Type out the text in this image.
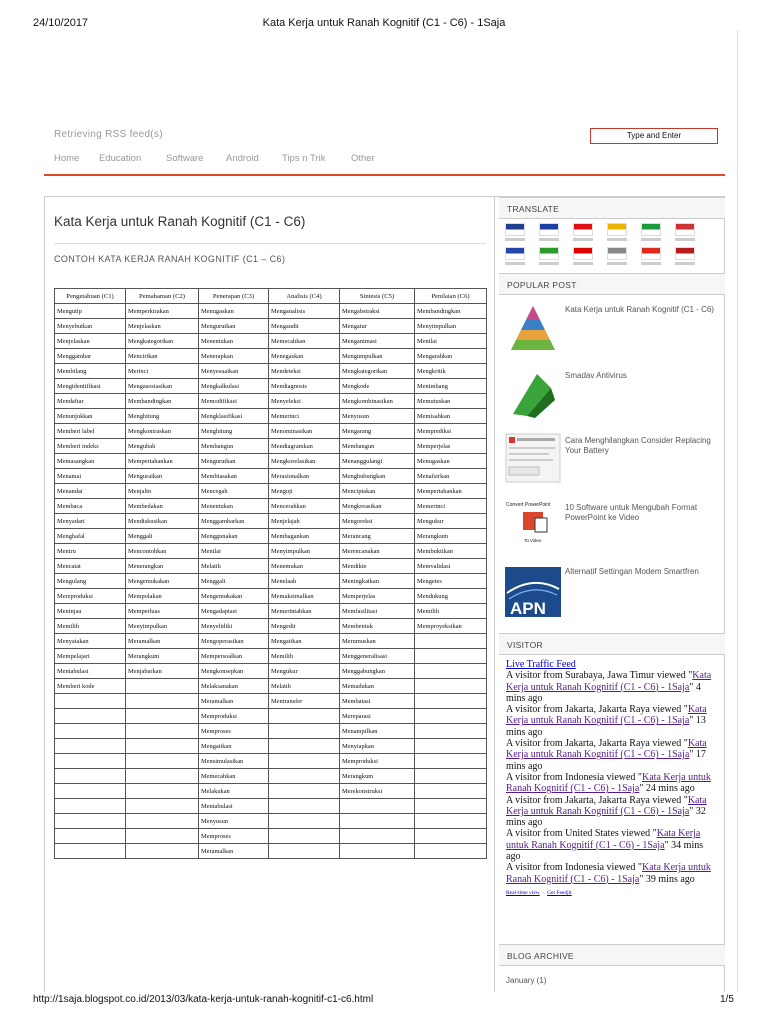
24/10/2017	Kata Kerja untuk Ranah Kognitif (C1 - C6) - 1Saja
Retrieving RSS feed(s)	Type and Enter
Home Education	Software Android Tips n Trik	Other
Kata Kerja untuk Ranah Kognitif (C1 - C6)
CONTOH KATA KERJA RANAH KOGNITIF (C1 – C6)
Pengetahuan (C1)	Pemahaman (C2)	Penerapan (C3)	Analisis (C4)	Sintesis (C5)	Penilaian (C6)
Mengutip	Memperkirakan	Menugaskan	Menganalisis	Mengabstraksi	Membandingkan
Menyebutkan	Menjelaskan	Mengurutkan	Mengaudit	Mengatur	Menyimpulkan
Menjelaskan	Mengkategorikan	Menentukan	Memecahkan	Menganimasi	Menilai
Menggambar	Mencirikan	Menerapkan	Menegaskan	Mengumpulkan	Mengarahkan
Membilang	Merinci	Menyesuaikan	Mendeteksi	Mengkategorikan	Mengkritik
Mengidentifikasi	Mengasosiasikan	Mengkalkulasi	Mendiagnosis	Mengkode	Menimbang
Mendaftar	Membandingkan	Memodifikasi	Menyeleksi	Mengkombinasikan	Memutuskan
Menunjukkan	Menghitung	Mengklasifikasi	Memerinci	Menyusun	Memisahkan
Memberi label	Mengkontraskan	Menghitung	Menominasikan	Mengarang	Memprediksi
Memberi indeks	Mengubah	Membangun	Mendiagramkan	Membangun	Memperjelas
Memasangkan	Mempertahankan	Mengurutkan	Mengkorelasikan	Menanggulangi	Menugaskan
Menamai	Menguraikan	Membiasakan	Merasionalkan	Menghubungkan	Menafsirkan
Menandai	Menjalin	Mencegah	Menguji	Menciptakan	Mempertahankan
Membaca	Membedakan	Menentukan	Mencerahkan	Mengkreasikan	Memerinci
Menyadari	Mendiskusikan	Menggambarkan	Menjelajah	Mengoreksi	Mengukur
Menghafal	Menggali	Menggunakan	Membagankan	Merancang	Merangkum
Meniru	Mencontohkan	Menilai	Menyimpulkan	Merencanakan	Membuktikan
Mencatat	Menerangkan	Melatih	Menemukan	Mendikte	Memvalidasi
Mengulang	Mengemukakan	Menggali	Menelaah	Meningkatkan	Mengetes
Mereproduksi	Mempolakan	Mengemukakan	Memaksimalkan	Memperjelas	Mendukung
Meninjau	Memperluas	Mengadaptasi	Memerintahkan	Memfasilitasi	Memilih
Memilih	Menyimpulkan	Menyelidiki	Mengedit	Membentuk	Memproyeksikan
Menyatakan	Meramalkan	Mengoperasikan	Mengaitkan	Merumuskan	
Mempelajari	Merangkum	Mempersoalkan	Memilih	Menggeneralisasi	
Mentabulasi	Menjabarkan	Mengkonsepkan	Mengukur	Menggabungkan	
Memberi kode		Melaksanakan	Melatih	Memadukan	
		Meramalkan	Mentransfer	Membatasi	
		Memproduksi		Mereparasi	
		Memproses		Menampilkan	
		Mengaitkan		Menyiapkan	
		Mensimulasikan		Memproduksi	
		Memecahkan		Merangkum	
		Melakukan		Merekonstruksi	
		Mentabulasi			
		Menyusun			
		Memproses			
		Meramalkan			
TRANSLATE
POPULAR POST
Kata Kerja untuk Ranah Kognitif (C1 - C6)
Smadav Antivirus
Cara Menghilangkan Consider Replacing Your Battery
Convert PowerPoint
To Video
10 Software untuk Mengubah Format PowerPoint ke Video
APN
Alternatif Settingan Modem Smartfren
VISITOR
Live Traffic Feed
A visitor from Surabaya, Jawa Timur viewed "Kata Kerja untuk Ranah Kognitif (C1 - C6) - 1Saja" 4 mins ago
A visitor from Jakarta, Jakarta Raya viewed "Kata Kerja untuk Ranah Kognitif (C1 - C6) - 1Saja" 13 mins ago
A visitor from Jakarta, Jakarta Raya viewed "Kata Kerja untuk Ranah Kognitif (C1 - C6) - 1Saja" 17 mins ago
A visitor from Indonesia viewed "Kata Kerja untuk Ranah Kognitif (C1 - C6) - 1Saja" 24 mins ago
A visitor from Jakarta, Jakarta Raya viewed "Kata Kerja untuk Ranah Kognitif (C1 - C6) - 1Saja" 32 mins ago
A visitor from United States viewed "Kata Kerja untuk Ranah Kognitif (C1 - C6) - 1Saja" 34 mins ago
A visitor from Indonesia viewed "Kata Kerja untuk Ranah Kognitif (C1 - C6) - 1Saja" 39 mins ago
Real-time view  ·  Get Feedjit
BLOG ARCHIVE
January (1)
http://1saja.blogspot.co.id/2013/03/kata-kerja-untuk-ranah-kognitif-c1-c6.html	1/5
